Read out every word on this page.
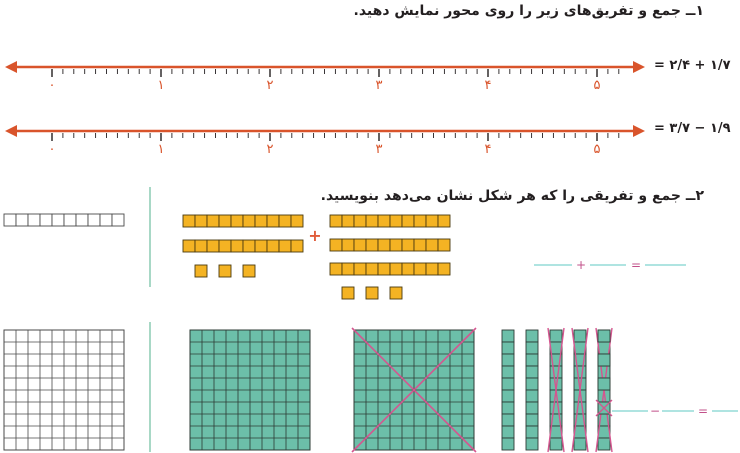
۱ــ جمع و تفریق‌های زیر را روی محور نمایش دهید.
= ۲/۴ + ۱/۷
= ۳/۷ − ۱/۹
۰	۱	۲	۳	۴	۵
۰	۱	۲	۳	۴	۵
۲ــ جمع و تفریقی را که هر شکل نشان می‌دهد بنویسید.
+
+	=
−	=
